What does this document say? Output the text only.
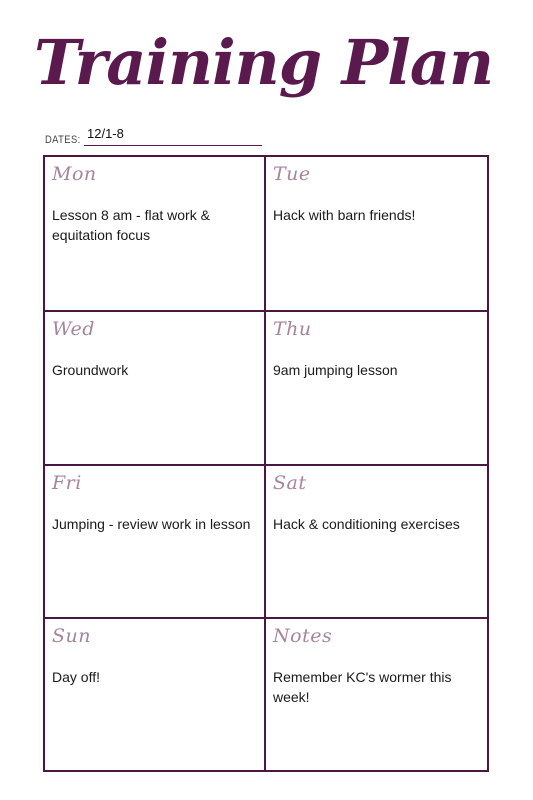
Training Plan
DATES: 12/1-8
Mon
Lesson 8 am - flat work & equitation focus
Tue
Hack with barn friends!
Wed
Groundwork
Thu
9am jumping lesson
Fri
Jumping - review work in lesson
Sat
Hack & conditioning exercises
Sun
Day off!
Notes
Remember KC's wormer this week!
